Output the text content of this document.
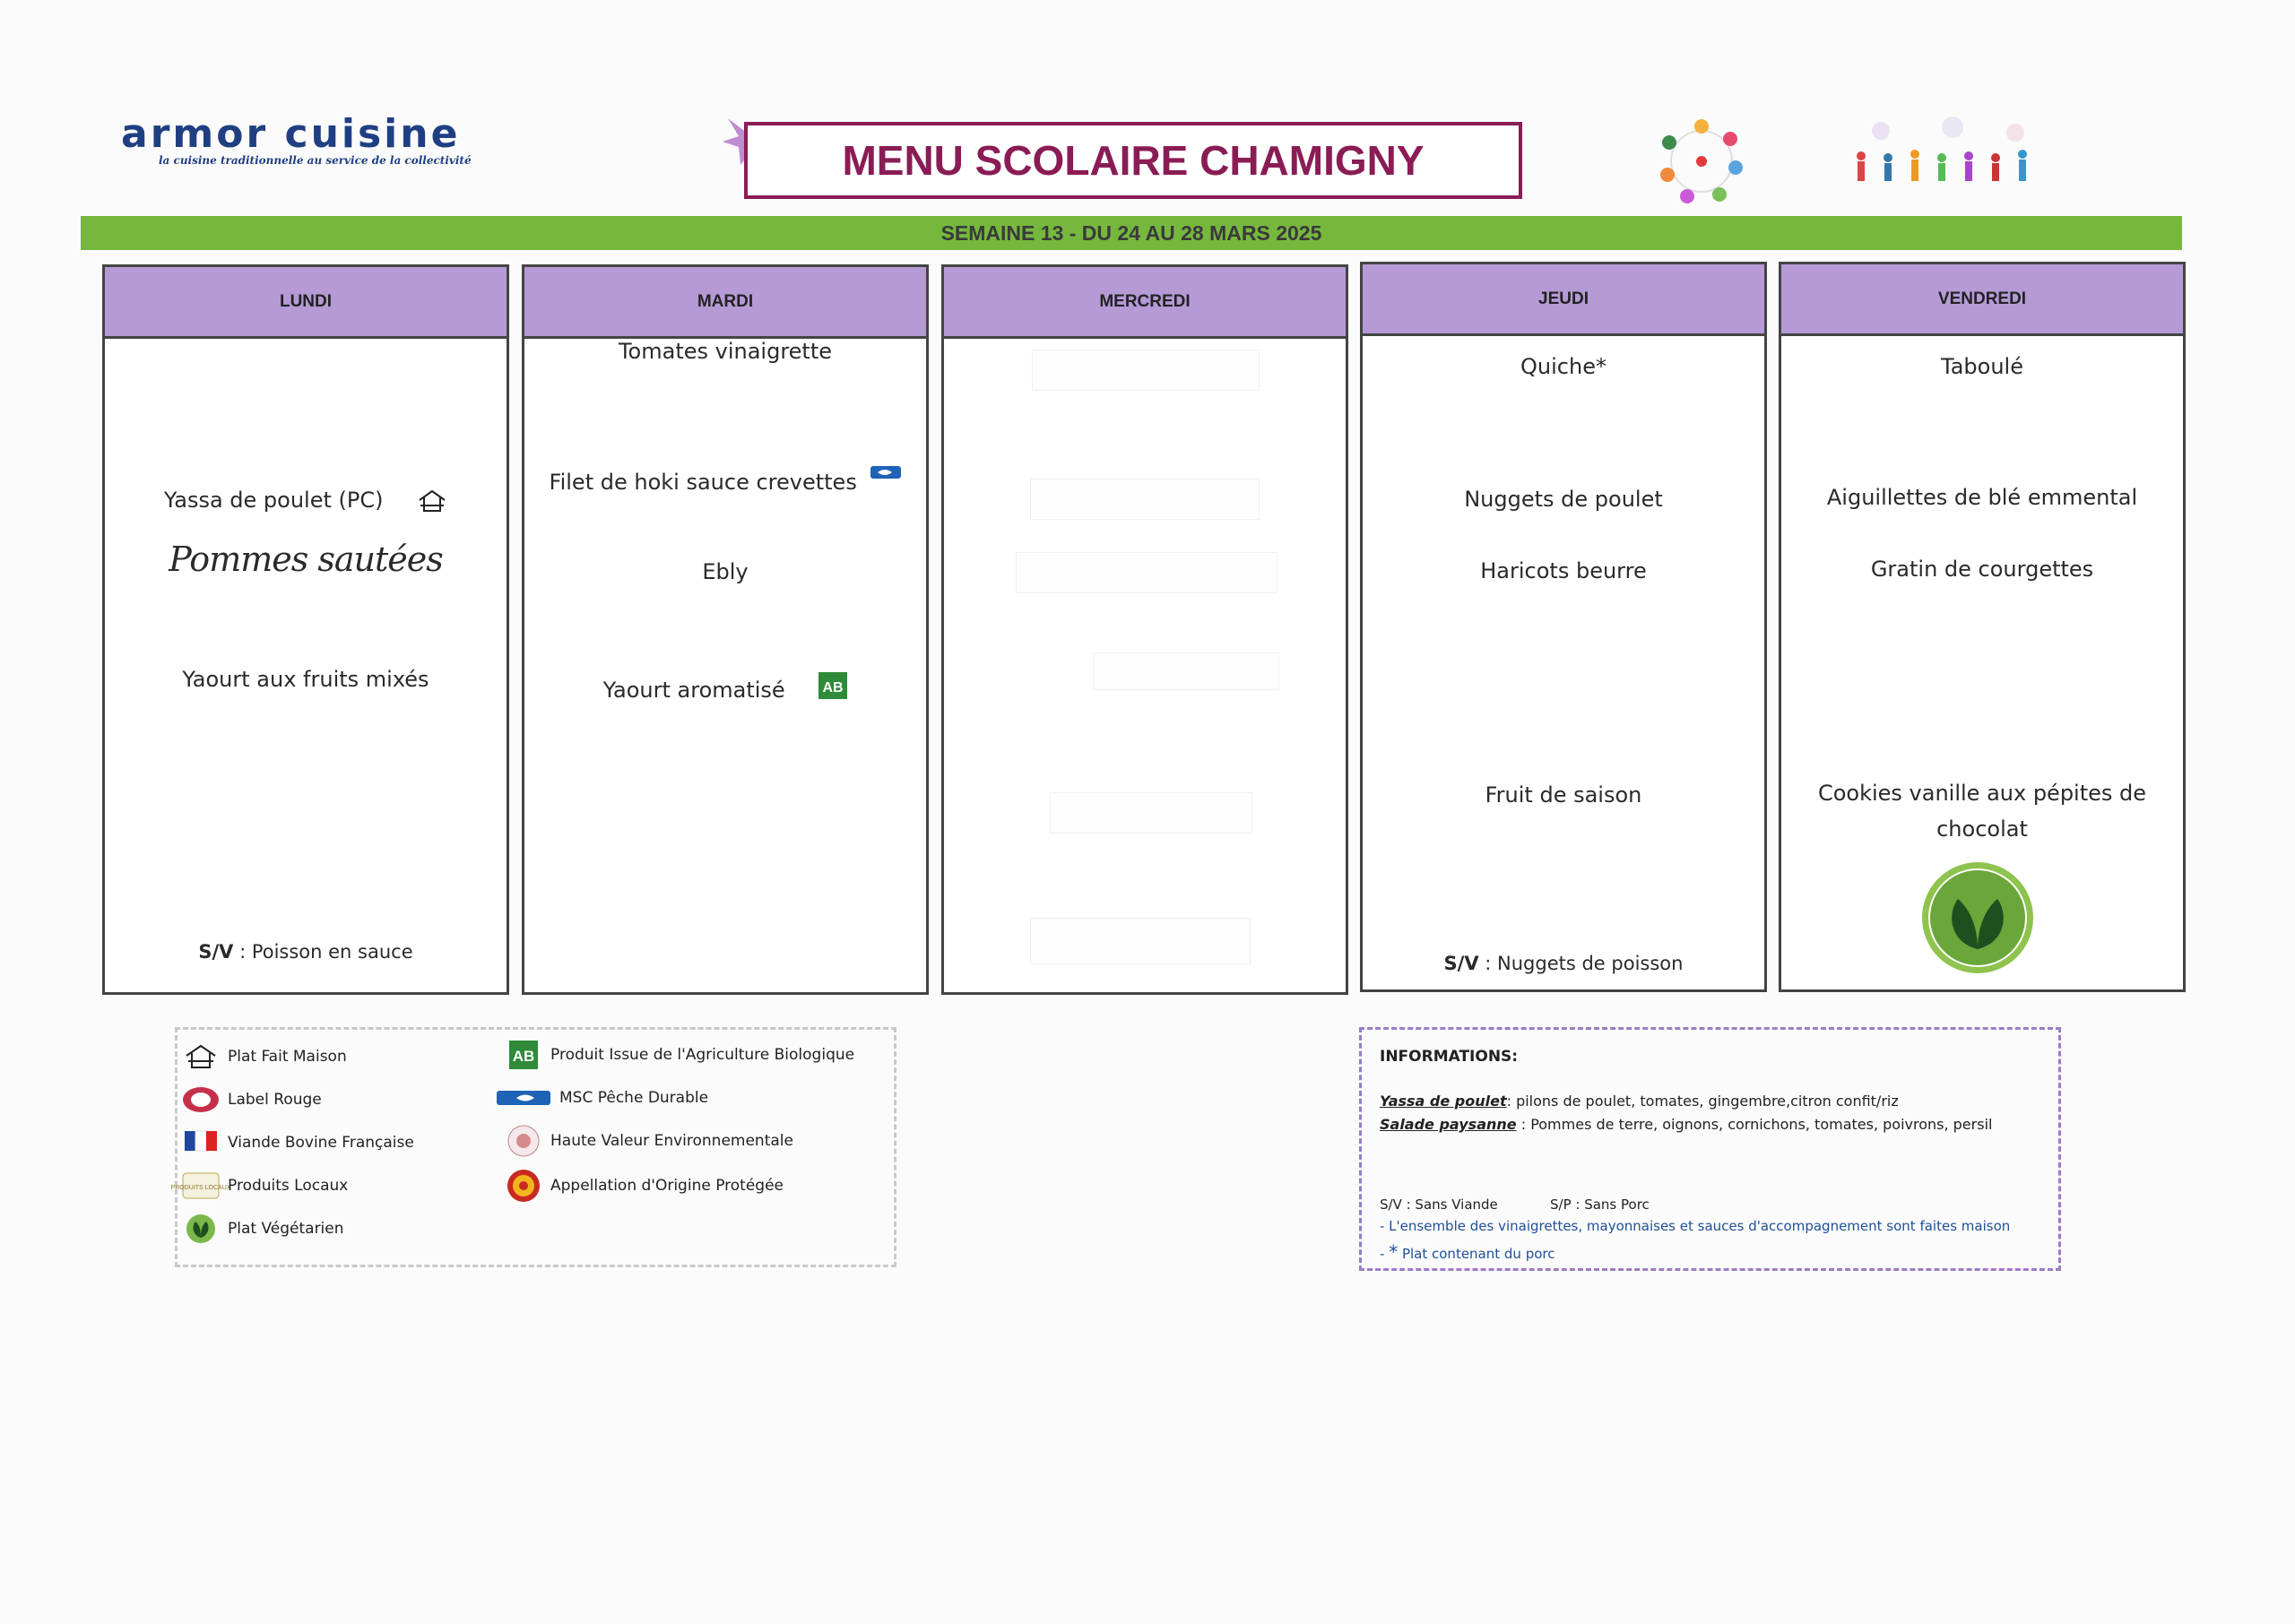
armor cuisine
la cuisine traditionnelle au service de la collectivité	MENU SCOLAIRE CHAMIGNY
SEMAINE 13 - DU 24 AU 28 MARS 2025
LUNDI
Yassa de poulet (PC)
Pommes sautées
Yaourt aux fruits mixés
S/V : Poisson en sauce
MARDI
Tomates vinaigrette
Filet de hoki sauce crevettes
Ebly
Yaourt aromatisé	AB
MERCREDI	JEUDI
Quiche*
Nuggets de poulet
Haricots beurre
Fruit de saison
S/V : Nuggets de poisson
VENDREDI
Taboulé
Aiguillettes de blé emmental
Gratin de courgettes
Cookies vanille aux pépites de
chocolat
Plat Fait Maison
Label Rouge
Viande Bovine Française
PRODUITS LOCAUX
Produits Locaux
Plat Végétarien
AB Produit Issue de l'Agriculture Biologique
MSC Pêche Durable
Haute Valeur Environnementale
Appellation d'Origine Protégée
INFORMATIONS:
Yassa de poulet: pilons de poulet, tomates, gingembre,citron confit/riz
Salade paysanne : Pommes de terre, oignons, cornichons, tomates, poivrons, persil
S/V : Sans Viande	S/P : Sans Porc
- L'ensemble des vinaigrettes, mayonnaises et sauces d'accompagnement sont faites maison
- * Plat contenant du porc
